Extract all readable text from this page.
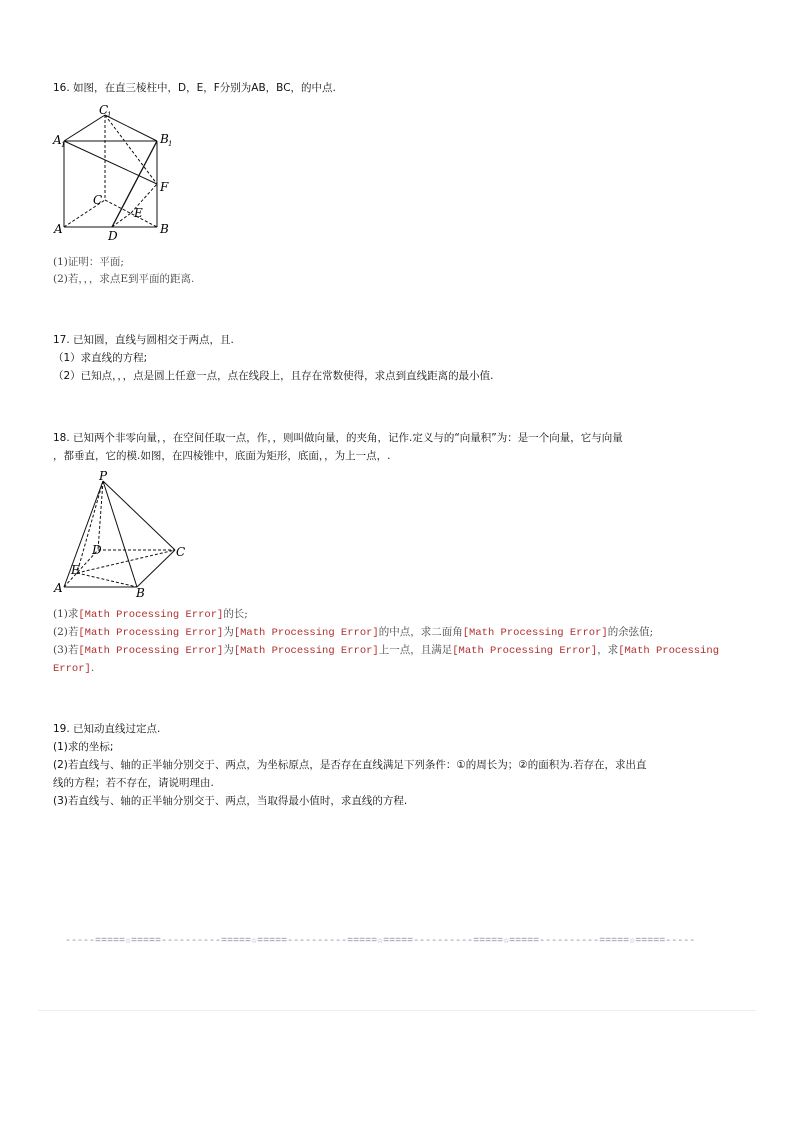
16. 如图，在直三棱柱中，D，E，F分别为AB，BC，的中点.
C
1
A 1	B 1
F
C
E
A	D	B
(1)证明：平面;
(2)若，，，求点E到平面的距离.
17. 已知圆，直线与圆相交于两点，且.
（1）求直线的方程;
（2）已知点，，，点是圆上任意一点，点在线段上，且存在常数使得，求点到直线距离的最小值.
18. 已知两个非零向量，，在空间任取一点，作，，则叫做向量，的夹角，记作.定义与的“向量积”为：是一个向量，它与向量
，都垂直，它的模.如图，在四棱锥中，底面为矩形，底面，，为上一点，.
P
D	C
E
A	B
(1)求[Math Processing Error]的长;
(2)若[Math Processing Error]为[Math Processing Error]的中点，求二面角[Math Processing Error]的余弦值;
(3)若[Math Processing Error]为[Math Processing Error]上一点，且满足[Math Processing Error]，求[Math Processing
Error].
19. 已知动直线过定点.
(1)求的坐标;
(2)若直线与、轴的正半轴分别交于、两点，为坐标原点，是否存在直线满足下列条件：①的周长为；②的面积为.若存在，求出直
线的方程；若不存在，请说明理由.
(3)若直线与、轴的正半轴分别交于、两点，当取得最小值时，求直线的方程.
-----=====☆=====----------=====☆=====----------=====☆=====----------=====☆=====----------=====☆=====-----
